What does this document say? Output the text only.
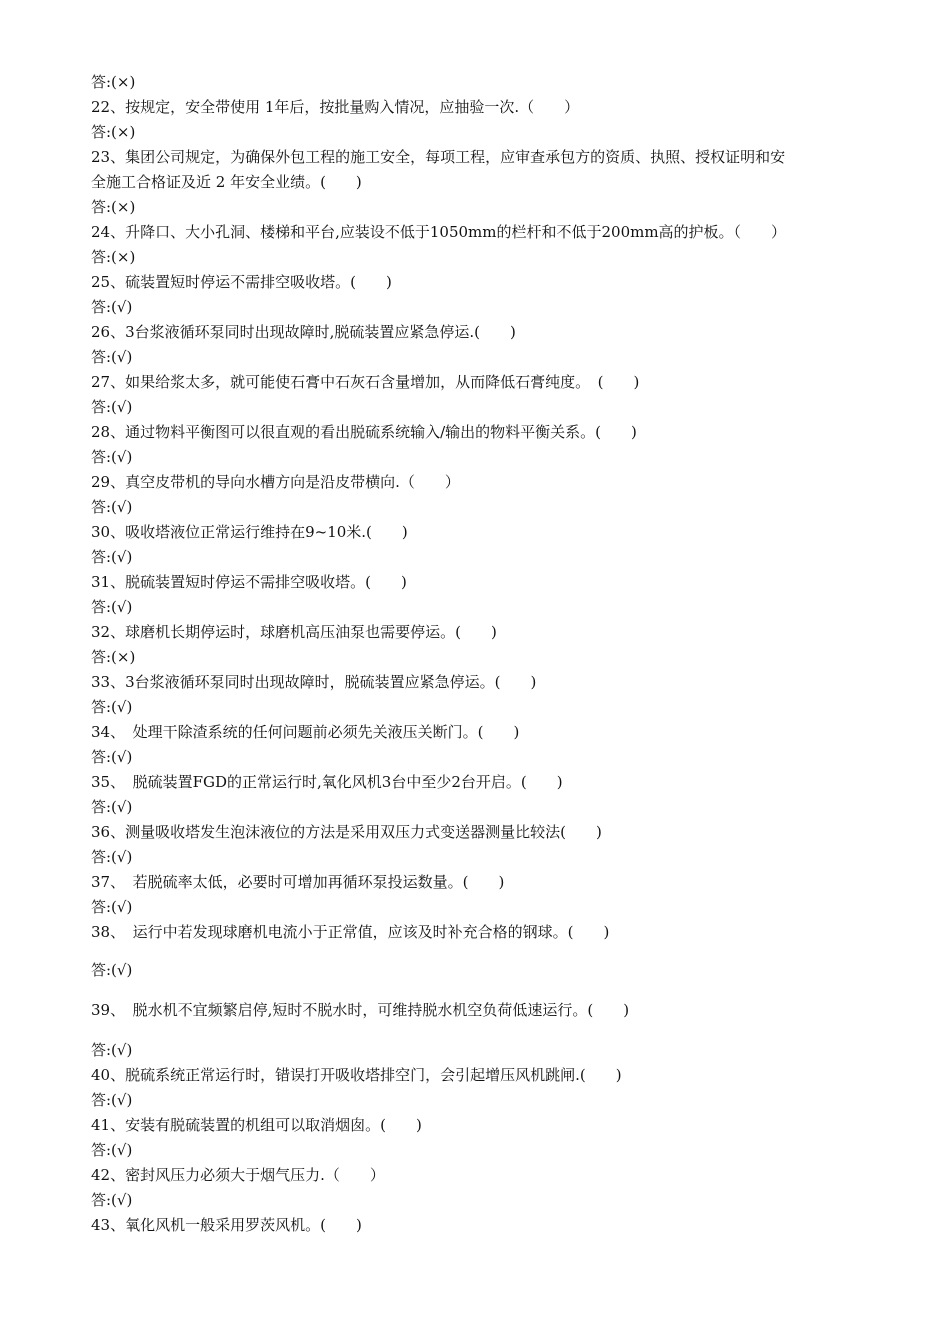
答:(×)
22、按规定，安全带使用 1年后，按批量购入情况，应抽验一次.（　　）
答:(×)
23、集团公司规定，为确保外包工程的施工安全，每项工程，应审查承包方的资质、执照、授权证明和安
全施工合格证及近 2 年安全业绩。(　　)
答:(×)
24、升降口、大小孔洞、楼梯和平台,应装设不低于1050mm的栏杆和不低于200mm高的护板。（　　）
答:(×)
25、硫装置短时停运不需排空吸收塔。(　　)
答:(√)
26、3台浆液循环泵同时出现故障时,脱硫装置应紧急停运.(　　)
答:(√)
27、如果给浆太多，就可能使石膏中石灰石含量增加，从而降低石膏纯度。　(　　)
答:(√)
28、通过物料平衡图可以很直观的看出脱硫系统输入/输出的物料平衡关系。(　　)
答:(√)
29、真空皮带机的导向水槽方向是沿皮带横向.（　　）
答:(√)
30、吸收塔液位正常运行维持在9~10米.(　　)
答:(√)
31、脱硫装置短时停运不需排空吸收塔。(　　)
答:(√)
32、球磨机长期停运时，球磨机高压油泵也需要停运。(　　)
答:(×)
33、3台浆液循环泵同时出现故障时，脱硫装置应紧急停运。(　　)
答:(√)
34、　处理干除渣系统的任何问题前必须先关液压关断门。(　　)
答:(√)
35、　脱硫装置FGD的正常运行时,氧化风机3台中至少2台开启。(　　)
答:(√)
36、测量吸收塔发生泡沫液位的方法是采用双压力式变送器测量比较法(　　)
答:(√)
37、　若脱硫率太低，必要时可增加再循环泵投运数量。(　　)
答:(√)
38、　运行中若发现球磨机电流小于正常值，应该及时补充合格的钢球。(　　)
答:(√)
39、　脱水机不宜频繁启停,短时不脱水时，可维持脱水机空负荷低速运行。(　　)
答:(√)
40、脱硫系统正常运行时，错误打开吸收塔排空门，会引起增压风机跳闸.(　　)
答:(√)
41、安装有脱硫装置的机组可以取消烟囱。(　　)
答:(√)
42、密封风压力必须大于烟气压力.（　　）
答:(√)
43、氧化风机一般采用罗茨风机。(　　)
